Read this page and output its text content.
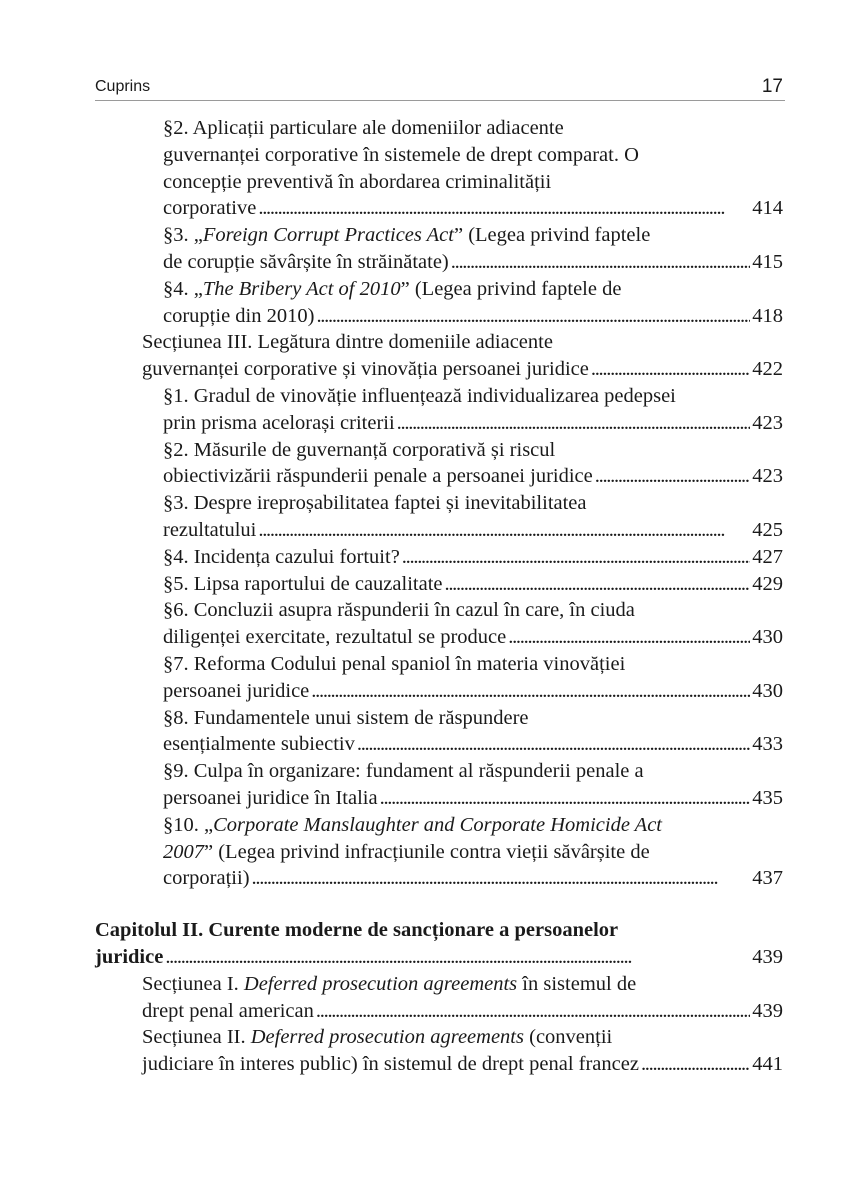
Cuprins	17
§2. Aplicații particulare ale domeniilor adiacente
guvernanței corporative în sistemele de drept comparat. O
concepție preventivă în abordarea criminalității
corporative . . .	414
§3. „Foreign Corrupt Practices Act” (Legea privind faptele
de corupție săvârșite în străinătate) . . .	415
§4. „The Bribery Act of 2010” (Legea privind faptele de
corupție din 2010) . . .	418
Secțiunea III. Legătura dintre domeniile adiacente
guvernanței corporative și vinovăția persoanei juridice . . .	422
§1. Gradul de vinovăție influențează individualizarea pedepsei
prin prisma acelorași criterii . . .	423
§2. Măsurile de guvernanță corporativă și riscul
obiectivizării răspunderii penale a persoanei juridice . . .	423
§3. Despre ireproșabilitatea faptei și inevitabilitatea
rezultatului . . .	425
§4. Incidența cazului fortuit? . . .	427
§5. Lipsa raportului de cauzalitate . . .	429
§6. Concluzii asupra răspunderii în cazul în care, în ciuda
diligenței exercitate, rezultatul se produce . . .	430
§7. Reforma Codului penal spaniol în materia vinovăției
persoanei juridice . . .	430
§8. Fundamentele unui sistem de răspundere
esențialmente subiectiv . . .	433
§9. Culpa în organizare: fundament al răspunderii penale a
persoanei juridice în Italia . . .	435
§10. „Corporate Manslaughter and Corporate Homicide Act
2007” (Legea privind infracțiunile contra vieții săvârșite de
corporații) . . .	437
Capitolul II. Curente moderne de sancționare a persoanelor
juridice . . .	439
Secțiunea I. Deferred prosecution agreements în sistemul de
drept penal american . . .	439
Secțiunea II. Deferred prosecution agreements (convenții
judiciare în interes public) în sistemul de drept penal francez . . .	441
